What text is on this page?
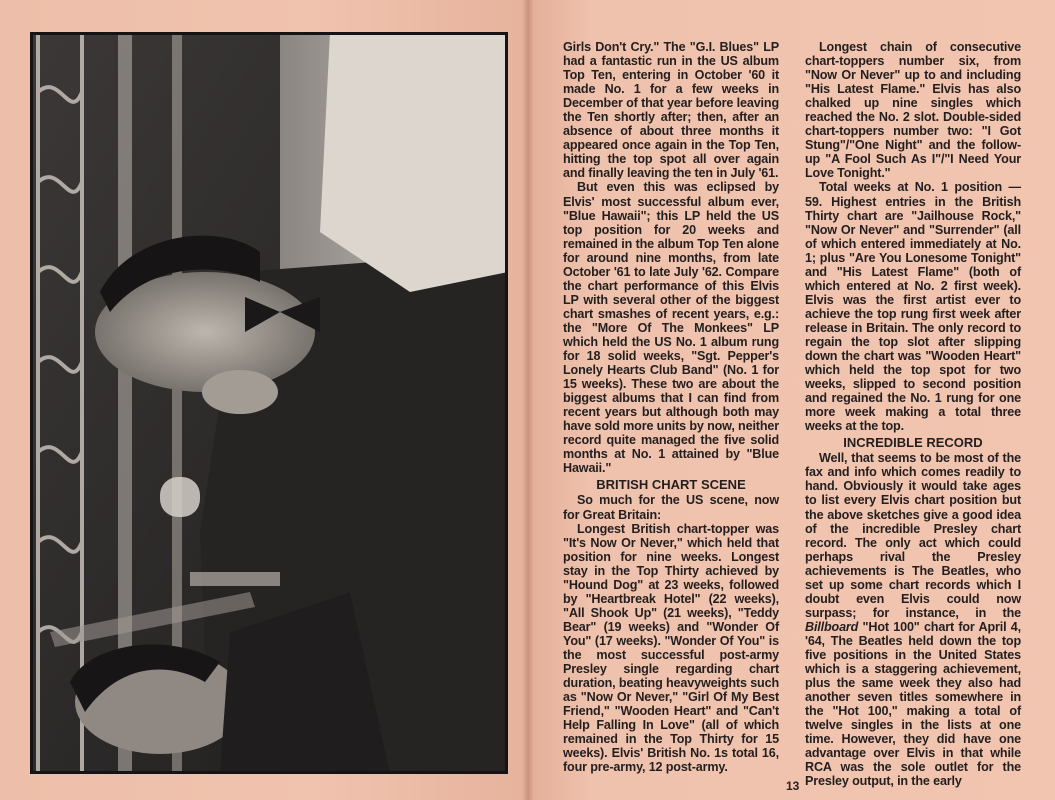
Girls Don't Cry." The "G.I. Blues" LP had a fantastic run in the US album Top Ten, entering in October '60 it made No. 1 for a few weeks in December of that year before leaving the Ten shortly after; then, after an absence of about three months it appeared once again in the Top Ten, hitting the top spot all over again and finally leaving the ten in July '61.

But even this was eclipsed by Elvis' most successful album ever, "Blue Hawaii"; this LP held the US top position for 20 weeks and remained in the album Top Ten alone for around nine months, from late October '61 to late July '62. Compare the chart performance of this Elvis LP with several other of the biggest chart smashes of recent years, e.g.: the "More Of The Monkees" LP which held the US No. 1 album rung for 18 solid weeks, "Sgt. Pepper's Lonely Hearts Club Band" (No. 1 for 15 weeks). These two are about the biggest albums that I can find from recent years but although both may have sold more units by now, neither record quite managed the five solid months at No. 1 attained by "Blue Hawaii."

BRITISH CHART SCENE

So much for the US scene, now for Great Britain:

Longest British chart-topper was "It's Now Or Never," which held that position for nine weeks. Longest stay in the Top Thirty achieved by "Hound Dog" at 23 weeks, followed by "Heartbreak Hotel" (22 weeks), "All Shook Up" (21 weeks), "Teddy Bear" (19 weeks) and "Wonder Of You" (17 weeks). "Wonder Of You" is the most successful post-army Presley single regarding chart duration, beating heavyweights such as "Now Or Never," "Girl Of My Best Friend," "Wooden Heart" and "Can't Help Falling In Love" (all of which remained in the Top Thirty for 15 weeks). Elvis' British No. 1s total 16, four pre-army, 12 post-army.

Longest chain of consecutive chart-toppers number six, from "Now Or Never" up to and including "His Latest Flame." Elvis has also chalked up nine singles which reached the No. 2 slot. Double-sided chart-toppers number two: "I Got Stung"/"One Night" and the follow-up "A Fool Such As I"/"I Need Your Love Tonight."

Total weeks at No. 1 position — 59. Highest entries in the British Thirty chart are "Jailhouse Rock," "Now Or Never" and "Surrender" (all of which entered immediately at No. 1; plus "Are You Lonesome Tonight" and "His Latest Flame" (both of which entered at No. 2 first week). Elvis was the first artist ever to achieve the top rung first week after release in Britain. The only record to regain the top slot after slipping down the chart was "Wooden Heart" which held the top spot for two weeks, slipped to second position and regained the No. 1 rung for one more week making a total three weeks at the top.

INCREDIBLE RECORD

Well, that seems to be most of the fax and info which comes readily to hand. Obviously it would take ages to list every Elvis chart position but the above sketches give a good idea of the incredible Presley chart record. The only act which could perhaps rival the Presley achievements is The Beatles, who set up some chart records which I doubt even Elvis could now surpass; for instance, in the Billboard "Hot 100" chart for April 4, '64, The Beatles held down the top five positions in the United States which is a staggering achievement, plus the same week they also had another seven titles somewhere in the "Hot 100," making a total of twelve singles in the lists at one time. However, they did have one advantage over Elvis in that while RCA was the sole outlet for the Presley output, in the early

13
